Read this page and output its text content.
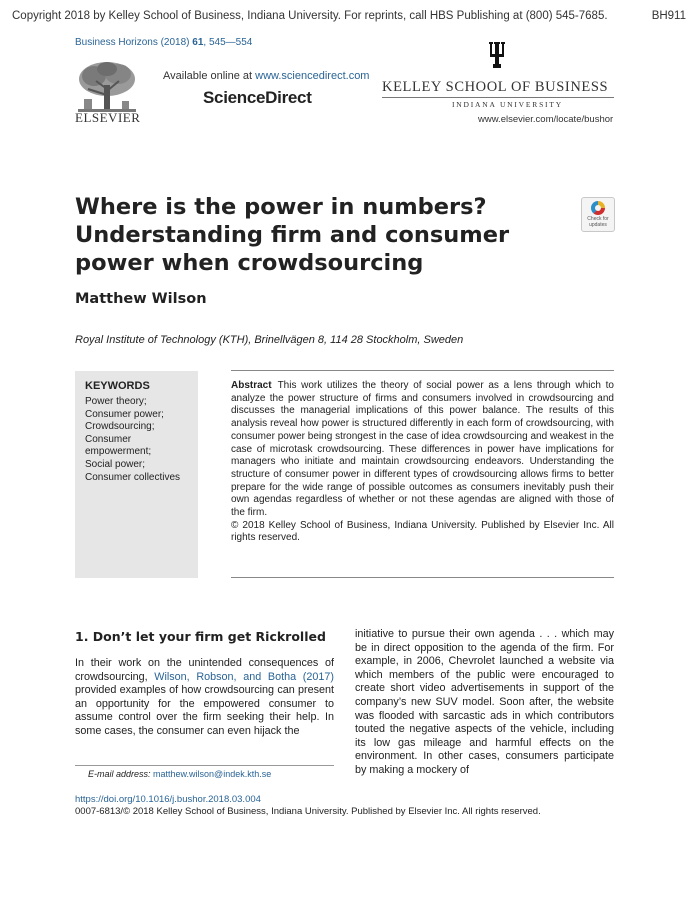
Copyright 2018 by Kelley School of Business, Indiana University. For reprints, call HBS Publishing at (800) 545-7685.	BH911
Business Horizons (2018) 61, 545—554
ELSEVIER
Available online at www.sciencedirect.com
ScienceDirect
KELLEY SCHOOL OF BUSINESS
INDIANA UNIVERSITY
www.elsevier.com/locate/bushor
Where is the power in numbers? Understanding firm and consumer power when crowdsourcing
Check for updates
Matthew Wilson
Royal Institute of Technology (KTH), Brinellvägen 8, 114 28 Stockholm, Sweden
KEYWORDS
Power theory;
Consumer power;
Crowdsourcing;
Consumer
empowerment;
Social power;
Consumer collectives
Abstract This work utilizes the theory of social power as a lens through which to analyze the power structure of firms and consumers involved in crowdsourcing and discusses the managerial implications of this power balance. The results of this analysis reveal how power is structured differently in each form of crowdsourcing, with consumer power being strongest in the case of idea crowdsourcing and weakest in the case of microtask crowdsourcing. These differences in power have implications for managers who initiate and maintain crowdsourcing endeavors. Understanding the structure of consumer power in different types of crowdsourcing allows firms to better prepare for the wide range of possible outcomes as consumers inevitably push their own agendas regardless of whether or not these agendas are aligned with those of the firm.
© 2018 Kelley School of Business, Indiana University. Published by Elsevier Inc. All rights reserved.
1. Don’t let your firm get Rickrolled
In their work on the unintended consequences of crowdsourcing, Wilson, Robson, and Botha (2017) provided examples of how crowdsourcing can present an opportunity for the empowered consumer to assume control over the firm seeking their help. In some cases, the consumer can even hijack the
initiative to pursue their own agenda . . . which may be in direct opposition to the agenda of the firm. For example, in 2006, Chevrolet launched a website via which members of the public were encouraged to create short video advertisements in support of the company’s new SUV model. Soon after, the website was flooded with sarcastic ads in which contributors touted the negative aspects of the vehicle, including its low gas mileage and harmful effects on the environment. In other cases, consumers participate by making a mockery of
E-mail address: matthew.wilson@indek.kth.se
https://doi.org/10.1016/j.bushor.2018.03.004
0007-6813/© 2018 Kelley School of Business, Indiana University. Published by Elsevier Inc. All rights reserved.
